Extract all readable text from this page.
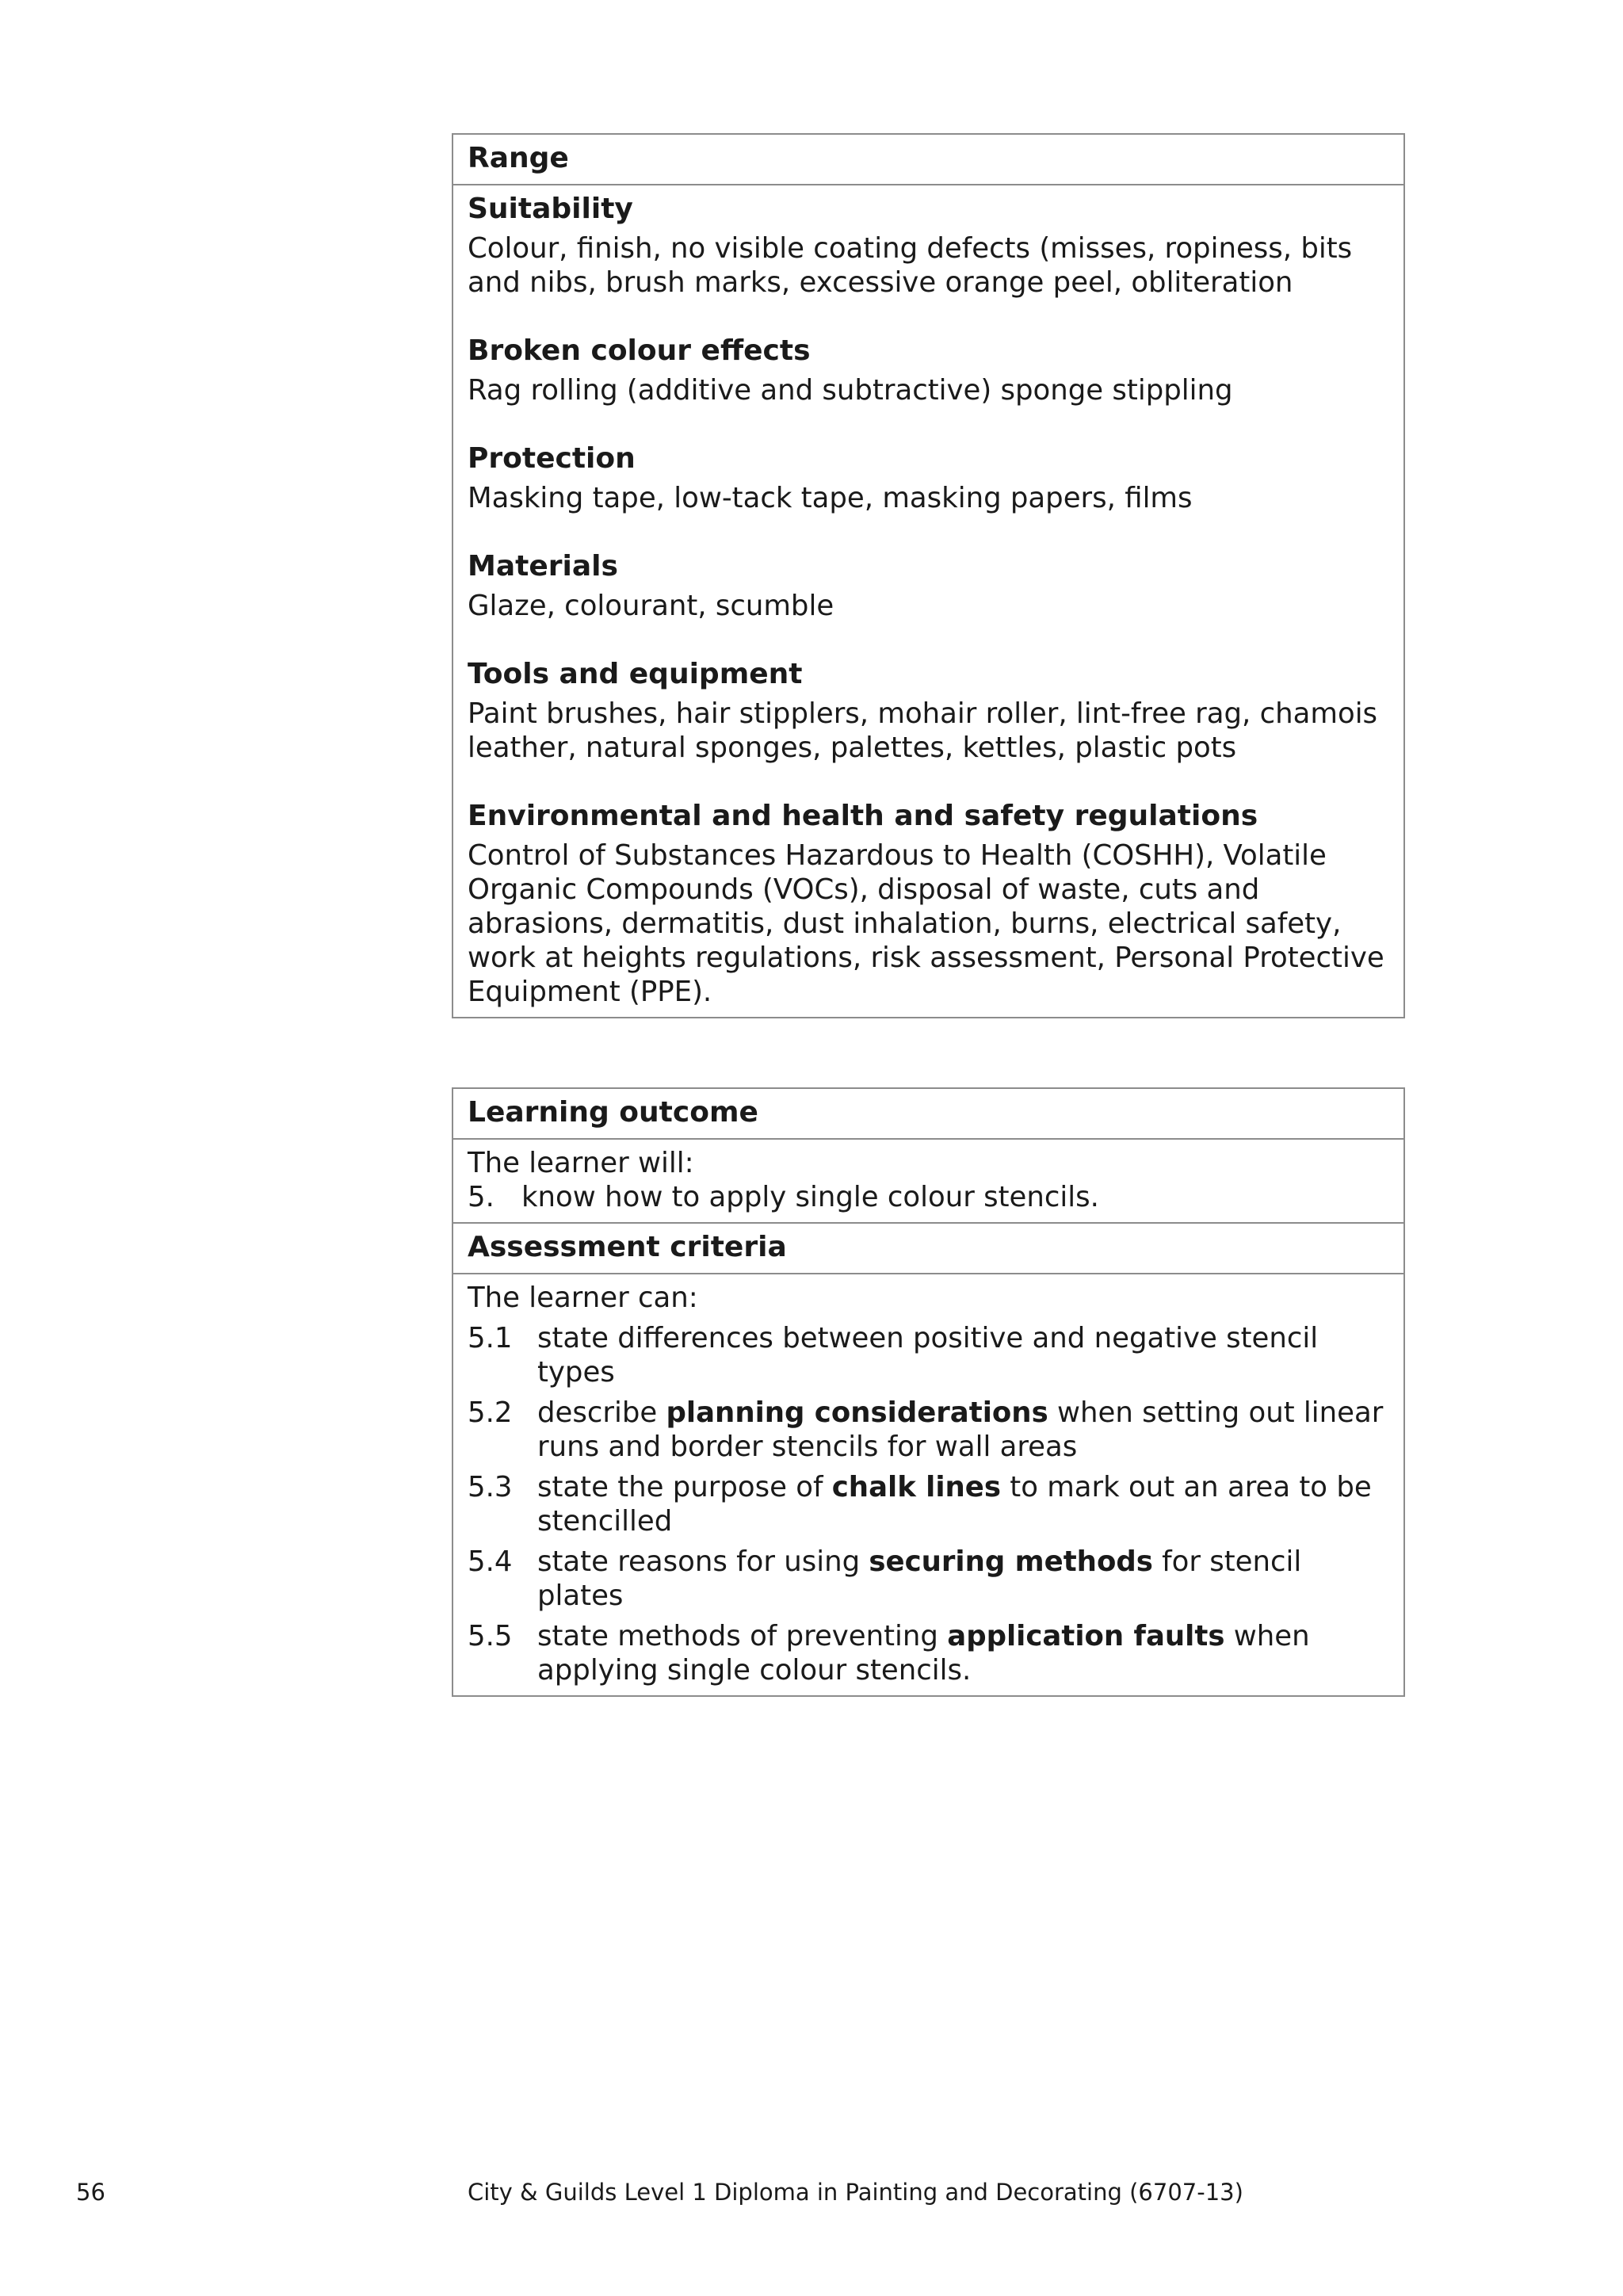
Range
Suitability
Colour, finish, no visible coating defects (misses, ropiness, bits and nibs, brush marks, excessive orange peel, obliteration
Broken colour effects
Rag rolling (additive and subtractive) sponge stippling
Protection
Masking tape, low-tack tape, masking papers, films
Materials
Glaze, colourant, scumble
Tools and equipment
Paint brushes, hair stipplers, mohair roller, lint-free rag, chamois leather, natural sponges, palettes, kettles, plastic pots
Environmental and health and safety regulations
Control of Substances Hazardous to Health (COSHH), Volatile Organic Compounds (VOCs), disposal of waste, cuts and abrasions, dermatitis, dust inhalation, burns, electrical safety, work at heights regulations, risk assessment, Personal Protective Equipment (PPE).
Learning outcome
The learner will:
5. know how to apply single colour stencils.
Assessment criteria
The learner can:
5.1 state differences between positive and negative stencil types
5.2 describe planning considerations when setting out linear runs and border stencils for wall areas
5.3 state the purpose of chalk lines to mark out an area to be stencilled
5.4 state reasons for using securing methods for stencil plates
5.5 state methods of preventing application faults when applying single colour stencils.
56	City & Guilds Level 1 Diploma in Painting and Decorating (6707-13)
